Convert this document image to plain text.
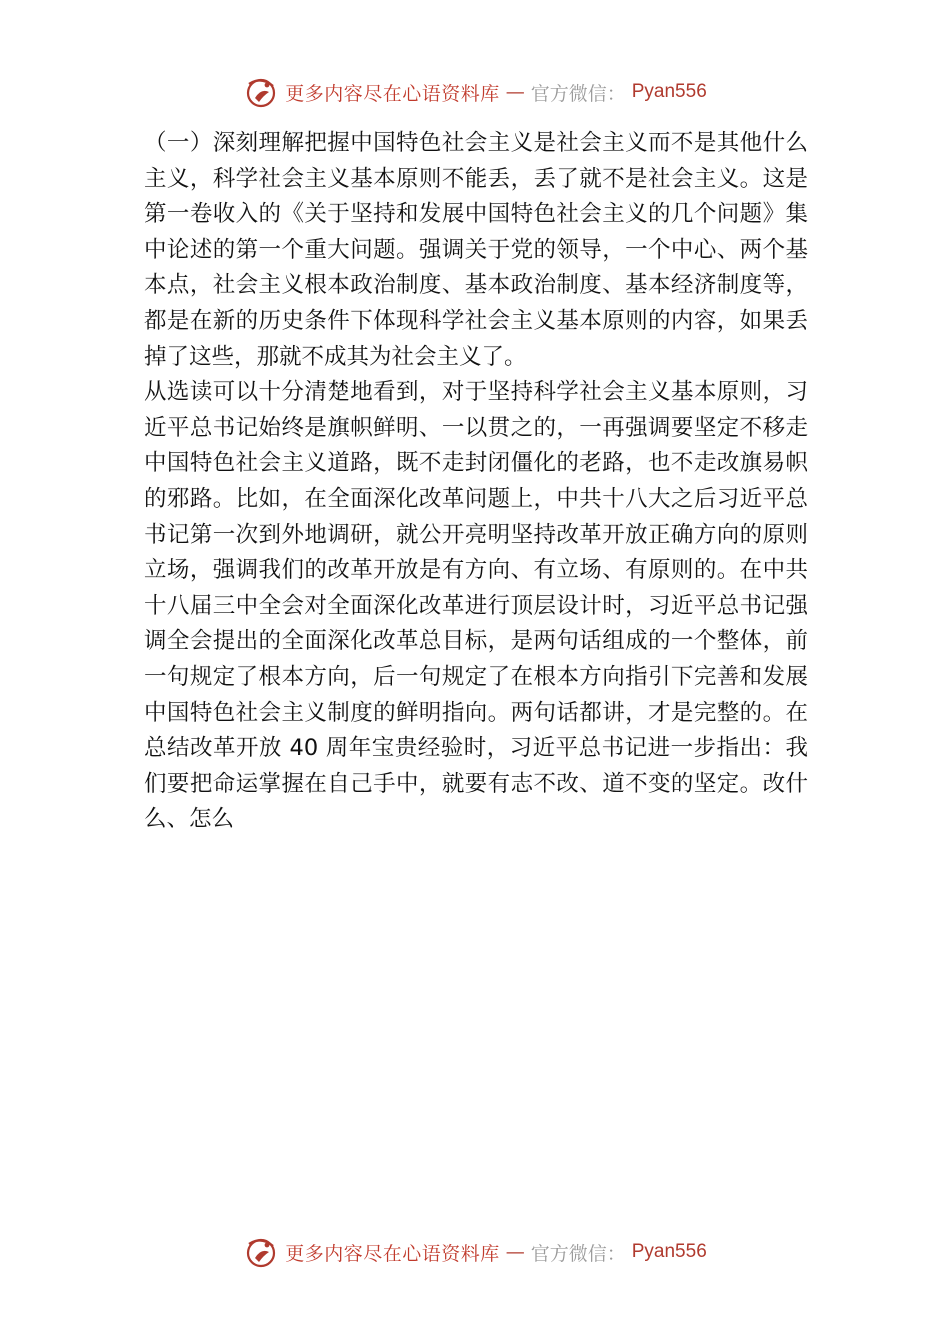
更多内容尽在心语资料库 — 官方微信： Pyan556

（一）深刻理解把握中国特色社会主义是社会主义而不是其他什么主义，科学社会主义基本原则不能丢，丢了就不是社会主义。这是第一卷收入的《关于坚持和发展中国特色社会主义的几个问题》集中论述的第一个重大问题。强调关于党的领导，一个中心、两个基本点，社会主义根本政治制度、基本政治制度、基本经济制度等，都是在新的历史条件下体现科学社会主义基本原则的内容，如果丢掉了这些，那就不成其为社会主义了。

从选读可以十分清楚地看到，对于坚持科学社会主义基本原则，习近平总书记始终是旗帜鲜明、一以贯之的，一再强调要坚定不移走中国特色社会主义道路，既不走封闭僵化的老路，也不走改旗易帜的邪路。比如，在全面深化改革问题上，中共十八大之后习近平总书记第一次到外地调研，就公开亮明坚持改革开放正确方向的原则立场，强调我们的改革开放是有方向、有立场、有原则的。在中共十八届三中全会对全面深化改革进行顶层设计时，习近平总书记强调全会提出的全面深化改革总目标，是两句话组成的一个整体，前一句规定了根本方向，后一句规定了在根本方向指引下完善和发展中国特色社会主义制度的鲜明指向。两句话都讲，才是完整的。在总结改革开放 40 周年宝贵经验时，习近平总书记进一步指出：我们要把命运掌握在自己手中，就要有志不改、道不变的坚定。改什么、怎么

更多内容尽在心语资料库 — 官方微信： Pyan556
